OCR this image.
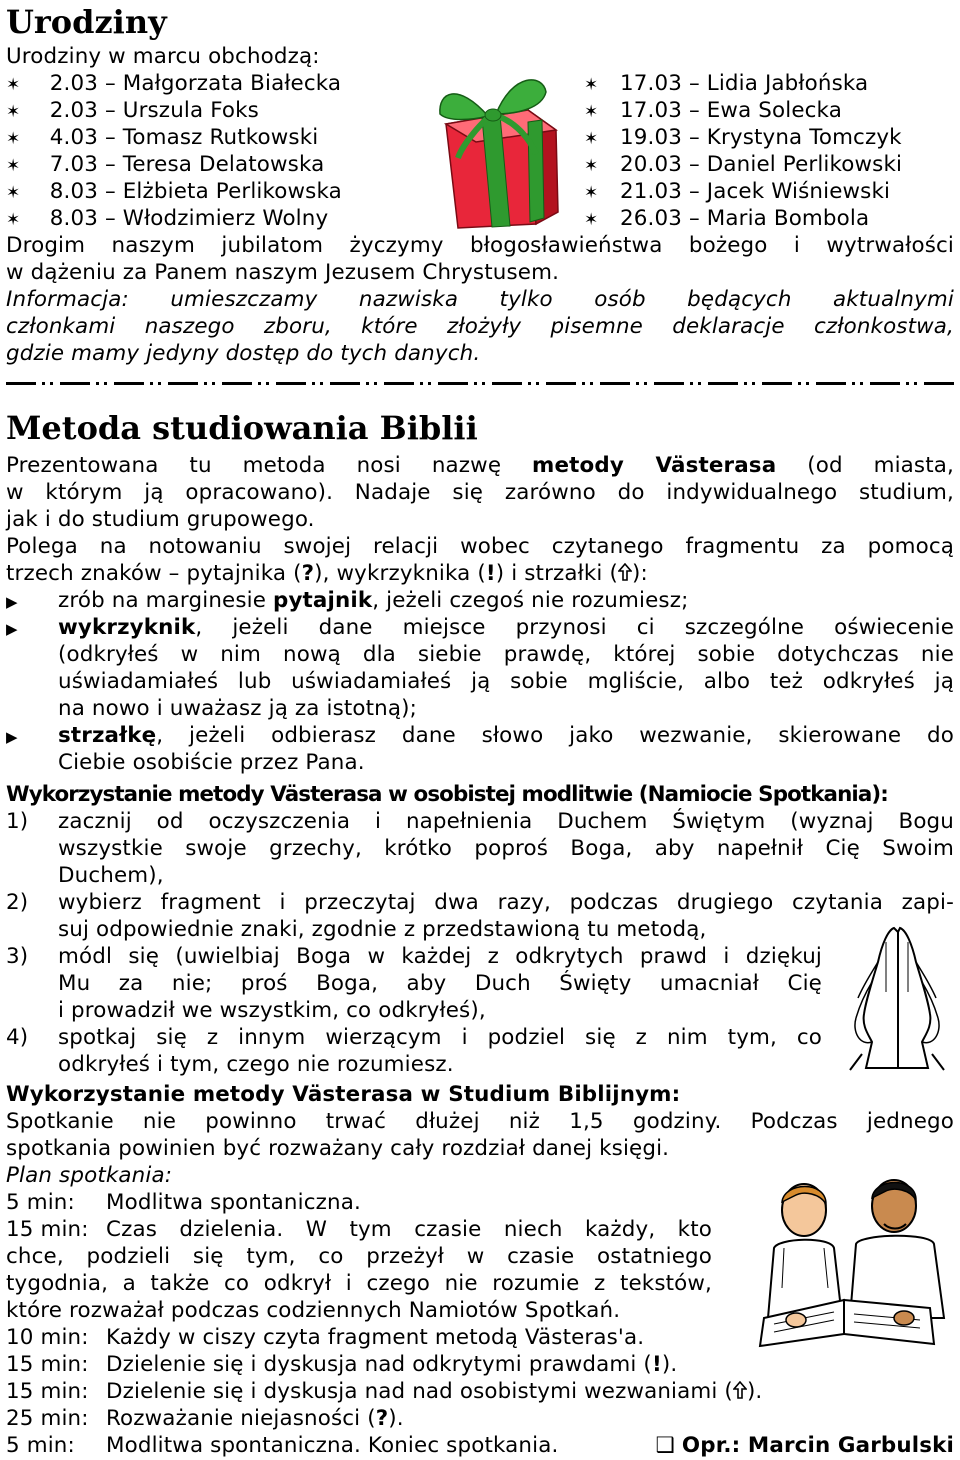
Urodziny

Urodziny w marcu obchodzą:

✶ 2.03 – Małgorzata Białecka

✶ 2.03 – Urszula Foks

✶ 4.03 – Tomasz Rutkowski

✶ 7.03 – Teresa Delatowska

✶ 8.03 – Elżbieta Perlikowska

✶ 8.03 – Włodzimierz Wolny

✶ 17.03 – Lidia Jabłońska

✶ 17.03 – Ewa Solecka

✶ 19.03 – Krystyna Tomczyk

✶ 20.03 – Daniel Perlikowski

✶ 21.03 – Jacek Wiśniewski

✶ 26.03 – Maria Bombola

Drogim naszym jubilatom życzymy błogosławieństwa bożego i wytrwałości

w dążeniu za Panem naszym Jezusem Chrystusem.

Informacja: umieszczamy nazwiska tylko osób będących aktualnymi

członkami naszego zboru, które złożyły pisemne deklaracje członkostwa,

gdzie mamy jedyny dostęp do tych danych.

Metoda studiowania Biblii

Prezentowana tu metoda nosi nazwę metody Västerasa (od miasta,

w którym ją opracowano). Nadaje się zarówno do indywidualnego studium,

jak i do studium grupowego.

Polega na notowaniu swojej relacji wobec czytanego fragmentu za pomocą

trzech znaków – pytajnika (?), wykrzyknika (!) i strzałki ( ):

▶ zrób na marginesie pytajnik, jeżeli czegoś nie rozumiesz;

▶ wykrzyknik, jeżeli dane miejsce przynosi ci szczególne oświecenie

(odkryłeś w nim nową dla siebie prawdę, której sobie dotychczas nie

uświadamiałeś lub uświadamiałeś ją sobie mgliście, albo też odkryłeś ją

na nowo i uważasz ją za istotną);

▶ strzałkę, jeżeli odbierasz dane słowo jako wezwanie, skierowane do

Ciebie osobiście przez Pana.

Wykorzystanie metody Västerasa w osobistej modlitwie (Namiocie Spotkania):

1) zacznij od oczyszczenia i napełnienia Duchem Świętym (wyznaj Bogu

wszystkie swoje grzechy, krótko poproś Boga, aby napełnił Cię Swoim

Duchem),

2) wybierz fragment i przeczytaj dwa razy, podczas drugiego czytania zapi-

suj odpowiednie znaki, zgodnie z przedstawioną tu metodą,

3) módl się (uwielbiaj Boga w każdej z odkrytych prawd i dziękuj

Mu za nie; proś Boga, aby Duch Święty umacniał Cię

i prowadził we wszystkim, co odkryłeś),

4) spotkaj się z innym wierzącym i podziel się z nim tym, co

odkryłeś i tym, czego nie rozumiesz.

Wykorzystanie metody Västerasa w Studium Biblijnym:

Spotkanie nie powinno trwać dłużej niż 1,5 godziny. Podczas jednego

spotkania powinien być rozważany cały rozdział danej księgi.

Plan spotkania:

5 min: Modlitwa spontaniczna.

15 min: Czas dzielenia. W tym czasie niech każdy, kto

chce, podzieli się tym, co przeżył w czasie ostatniego

tygodnia, a także co odkrył i czego nie rozumie z tekstów,

które rozważał podczas codziennych Namiotów Spotkań.

10 min: Każdy w ciszy czyta fragment metodą Västeras'a.

15 min: Dzielenie się i dyskusja nad odkrytymi prawdami (!).

15 min: Dzielenie się i dyskusja nad nad osobistymi wezwaniami ( ).

25 min: Rozważanie niejasności (?).

5 min: Modlitwa spontaniczna. Koniec spotkania.	❑ Opr.: Marcin Garbulski
